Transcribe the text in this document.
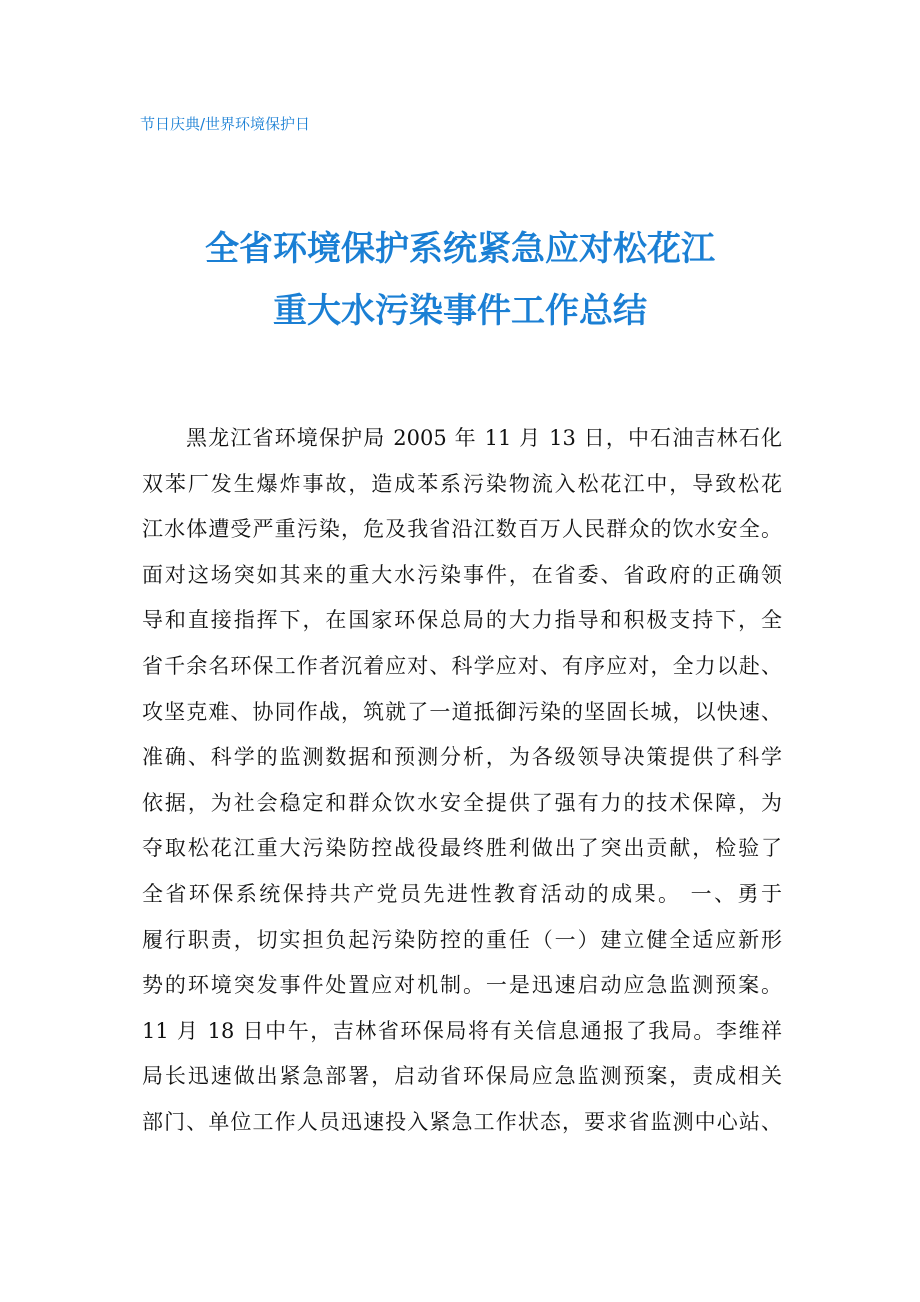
节日庆典/世界环境保护日
全省环境保护系统紧急应对松花江
重大水污染事件工作总结
黑龙江省环境保护局 2005 年 11 月 13 日，中石油吉林石化
双苯厂发生爆炸事故，造成苯系污染物流入松花江中，导致松花
江水体遭受严重污染，危及我省沿江数百万人民群众的饮水安全。
面对这场突如其来的重大水污染事件，在省委、省政府的正确领
导和直接指挥下，在国家环保总局的大力指导和积极支持下，全
省千余名环保工作者沉着应对、科学应对、有序应对，全力以赴、
攻坚克难、协同作战，筑就了一道抵御污染的坚固长城，以快速、
准确、科学的监测数据和预测分析，为各级领导决策提供了科学
依据，为社会稳定和群众饮水安全提供了强有力的技术保障，为
夺取松花江重大污染防控战役最终胜利做出了突出贡献，检验了
全省环保系统保持共产党员先进性教育活动的成果。 一、勇于
履行职责，切实担负起污染防控的重任（一）建立健全适应新形
势的环境突发事件处置应对机制。一是迅速启动应急监测预案。
11 月 18 日中午，吉林省环保局将有关信息通报了我局。李维祥
局长迅速做出紧急部署，启动省环保局应急监测预案，责成相关
部门、单位工作人员迅速投入紧急工作状态，要求省监测中心站、
